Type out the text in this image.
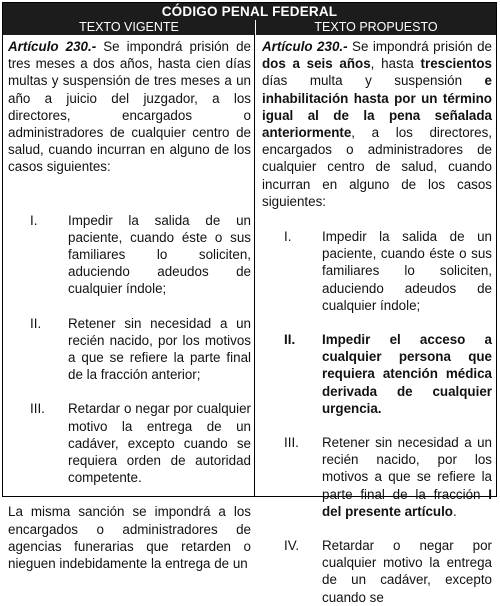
CÓDIGO PENAL FEDERAL
TEXTO VIGENTE	TEXTO PROPUESTO

Artículo 230.- Se impondrá prisión de tres meses a dos años, hasta cien días multas y suspensión de tres meses a un año a juicio del juzgador, a los directores, encargados o administradores de cualquier centro de salud, cuando incurran en alguno de los casos siguientes:

I.	Impedir la salida de un paciente, cuando éste o sus familiares lo soliciten, aduciendo adeudos de cualquier índole;
II.	Retener sin necesidad a un recién nacido, por los motivos a que se refiere la parte final de la fracción anterior;
III.	Retardar o negar por cualquier motivo la entrega de un cadáver, excepto cuando se requiera orden de autoridad competente.

La misma sanción se impondrá a los encargados o administradores de agencias funerarias que retarden o nieguen indebidamente la entrega de un

Artículo 230.- Se impondrá prisión de dos a seis años, hasta trescientos días multa y suspensión e inhabilitación hasta por un término igual al de la pena señalada anteriormente, a los directores, encargados o administradores de cualquier centro de salud, cuando incurran en alguno de los casos siguientes:

I.	Impedir la salida de un paciente, cuando éste o sus familiares lo soliciten, aduciendo adeudos de cualquier índole;
II.	Impedir el acceso a cualquier persona que requiera atención médica derivada de cualquier urgencia.
III.	Retener sin necesidad a un recién nacido, por los motivos a que se refiere la parte final de la fracción I del presente artículo.
IV.	Retardar o negar por cualquier motivo la entrega de un cadáver, excepto cuando se
